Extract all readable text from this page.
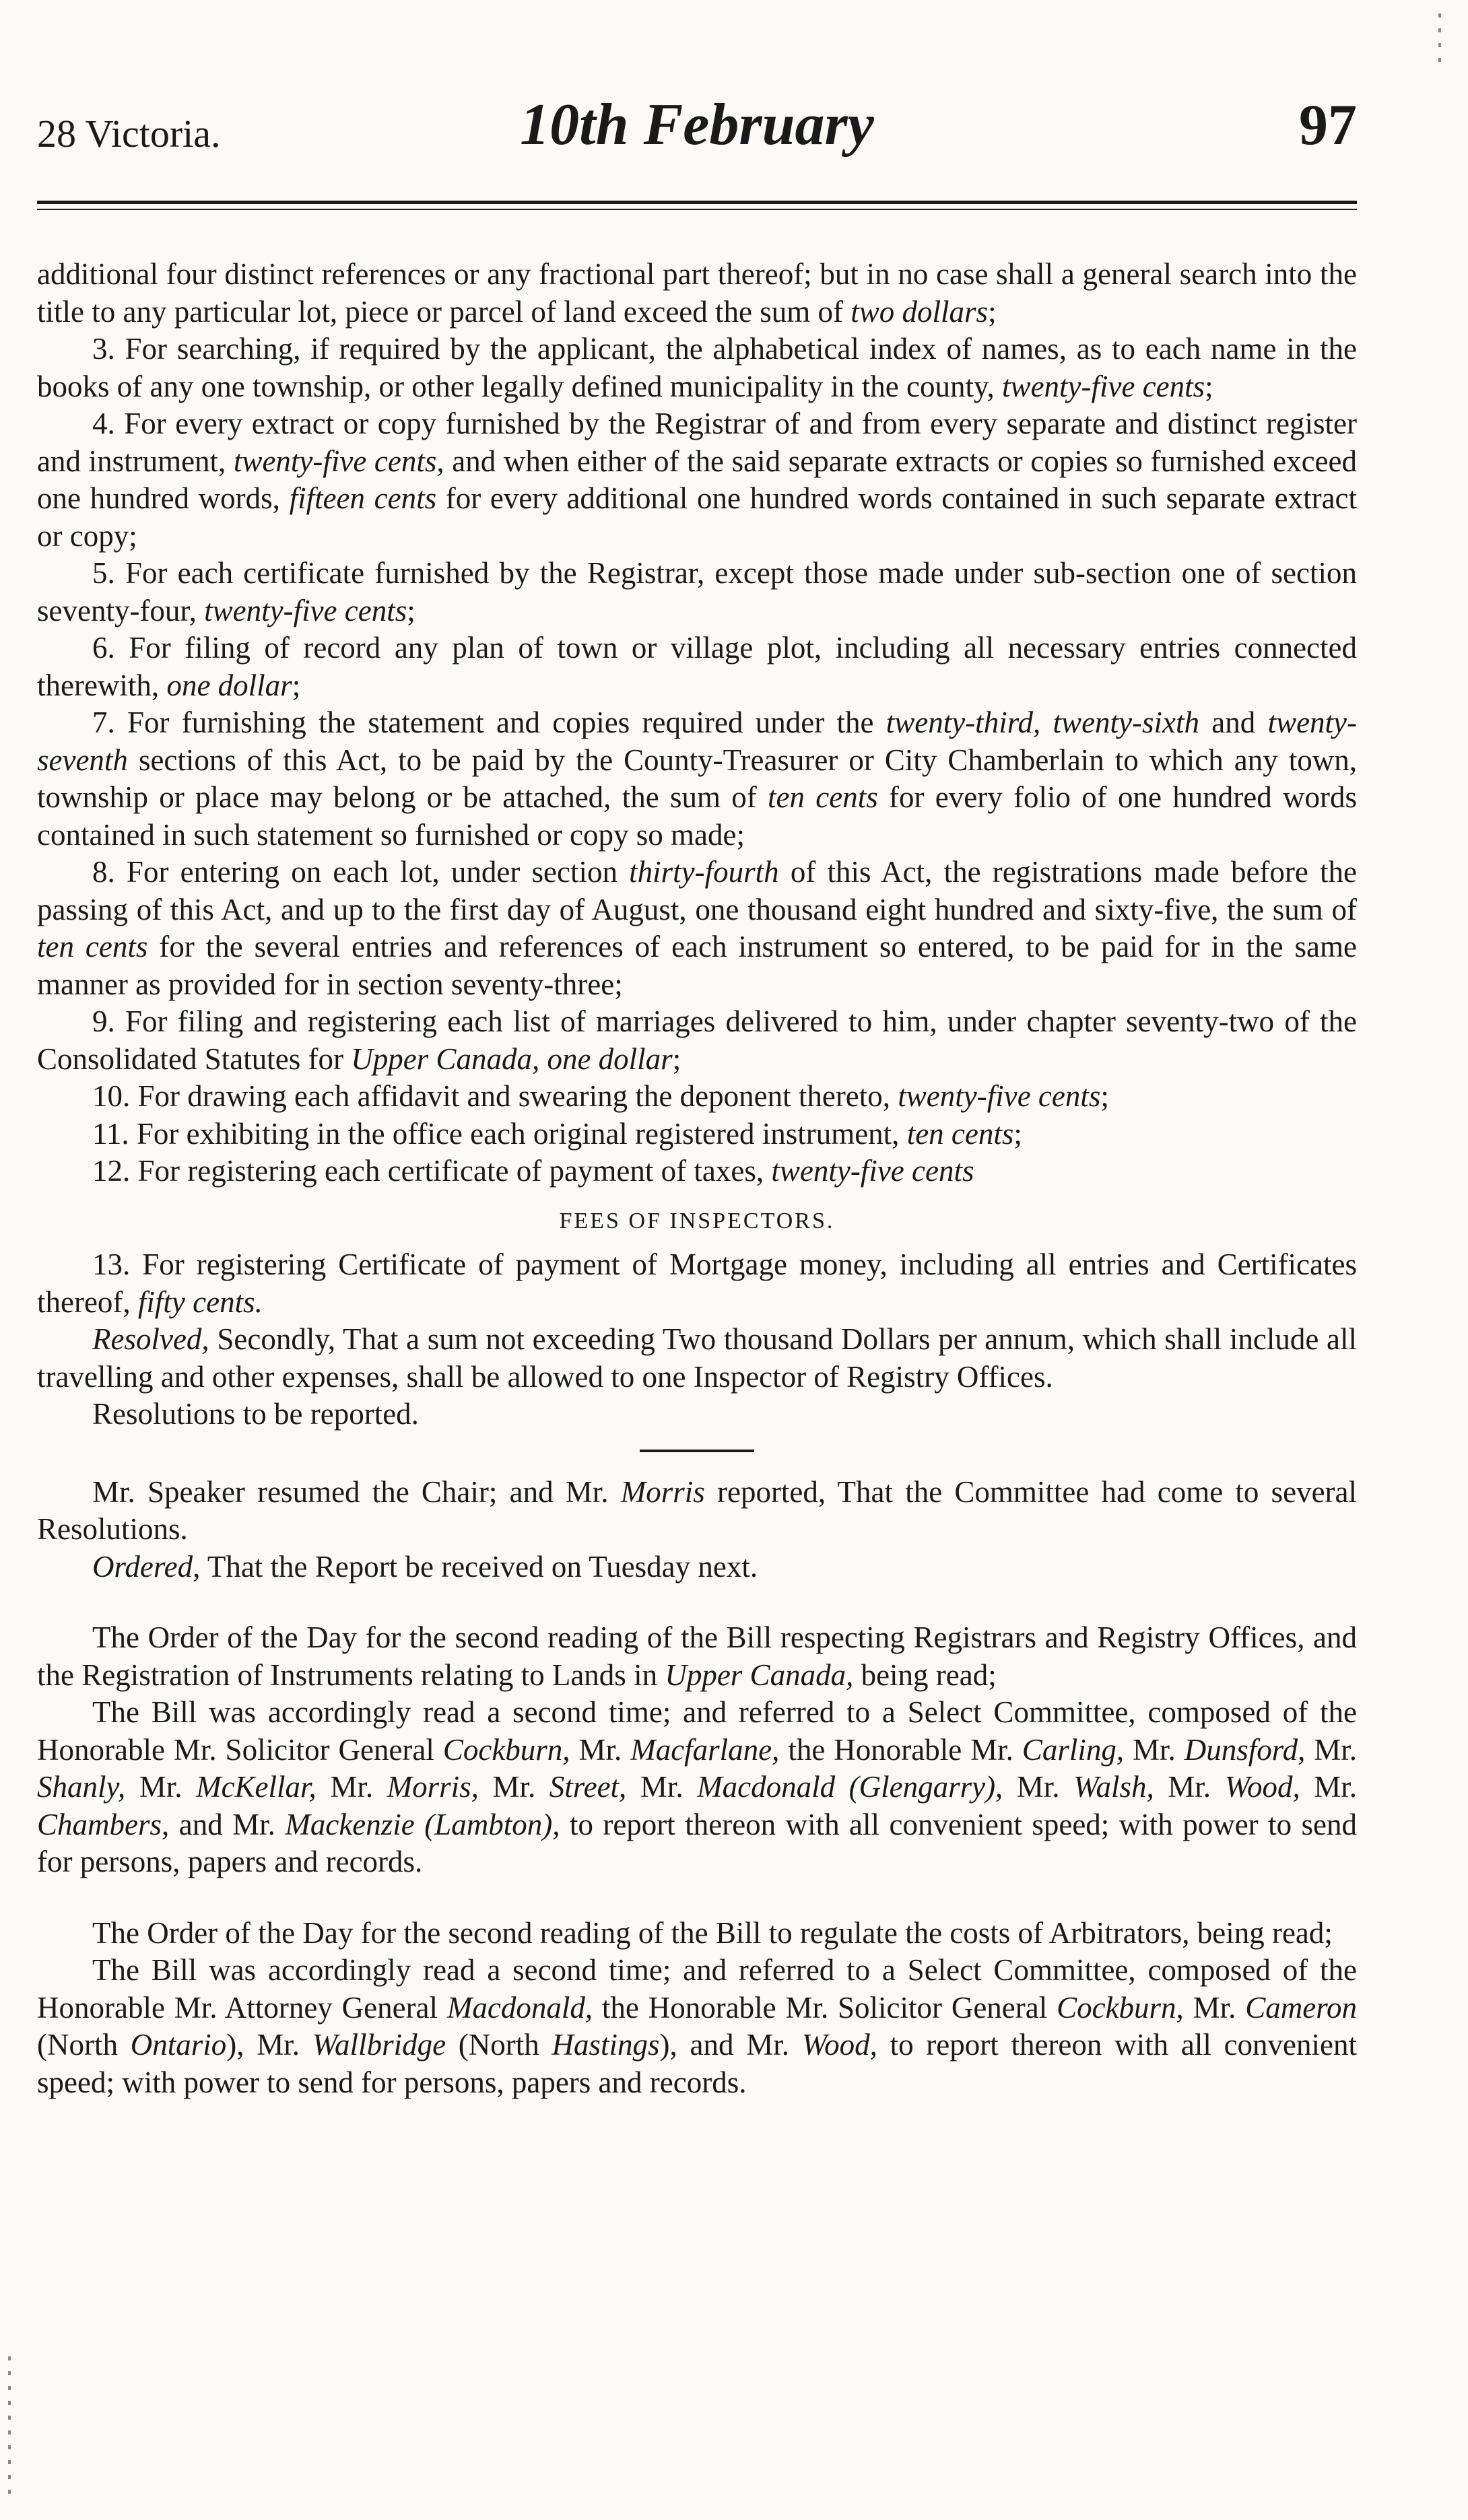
28 Victoria.	10th February	97

additional four distinct references or any fractional part thereof; but in no case shall a general search into the title to any particular lot, piece or parcel of land exceed the sum of two dollars;

3. For searching, if required by the applicant, the alphabetical index of names, as to each name in the books of any one township, or other legally defined municipality in the county, twenty-five cents;

4. For every extract or copy furnished by the Registrar of and from every separate and distinct register and instrument, twenty-five cents, and when either of the said separate extracts or copies so furnished exceed one hundred words, fifteen cents for every additional one hundred words contained in such separate extract or copy;

5. For each certificate furnished by the Registrar, except those made under sub-section one of section seventy-four, twenty-five cents;

6. For filing of record any plan of town or village plot, including all necessary entries connected therewith, one dollar;

7. For furnishing the statement and copies required under the twenty-third, twenty-sixth and twenty-seventh sections of this Act, to be paid by the County-Treasurer or City Chamberlain to which any town, township or place may belong or be attached, the sum of ten cents for every folio of one hundred words contained in such statement so furnished or copy so made;

8. For entering on each lot, under section thirty-fourth of this Act, the registrations made before the passing of this Act, and up to the first day of August, one thousand eight hundred and sixty-five, the sum of ten cents for the several entries and references of each instrument so entered, to be paid for in the same manner as provided for in section seventy-three;

9. For filing and registering each list of marriages delivered to him, under chapter seventy-two of the Consolidated Statutes for Upper Canada, one dollar;

10. For drawing each affidavit and swearing the deponent thereto, twenty-five cents;

11. For exhibiting in the office each original registered instrument, ten cents;

12. For registering each certificate of payment of taxes, twenty-five cents

FEES OF INSPECTORS.

13. For registering Certificate of payment of Mortgage money, including all entries and Certificates thereof, fifty cents.

Resolved, Secondly, That a sum not exceeding Two thousand Dollars per annum, which shall include all travelling and other expenses, shall be allowed to one Inspector of Registry Offices.

Resolutions to be reported.

Mr. Speaker resumed the Chair; and Mr. Morris reported, That the Committee had come to several Resolutions.

Ordered, That the Report be received on Tuesday next.

The Order of the Day for the second reading of the Bill respecting Registrars and Registry Offices, and the Registration of Instruments relating to Lands in Upper Canada, being read;

The Bill was accordingly read a second time; and referred to a Select Committee, composed of the Honorable Mr. Solicitor General Cockburn, Mr. Macfarlane, the Honorable Mr. Carling, Mr. Dunsford, Mr. Shanly, Mr. McKellar, Mr. Morris, Mr. Street, Mr. Macdonald (Glengarry), Mr. Walsh, Mr. Wood, Mr. Chambers, and Mr. Mackenzie (Lambton), to report thereon with all convenient speed; with power to send for persons, papers and records.

The Order of the Day for the second reading of the Bill to regulate the costs of Arbitrators, being read;

The Bill was accordingly read a second time; and referred to a Select Committee, composed of the Honorable Mr. Attorney General Macdonald, the Honorable Mr. Solicitor General Cockburn, Mr. Cameron (North Ontario), Mr. Wallbridge (North Hastings), and Mr. Wood, to report thereon with all convenient speed; with power to send for persons, papers and records.
